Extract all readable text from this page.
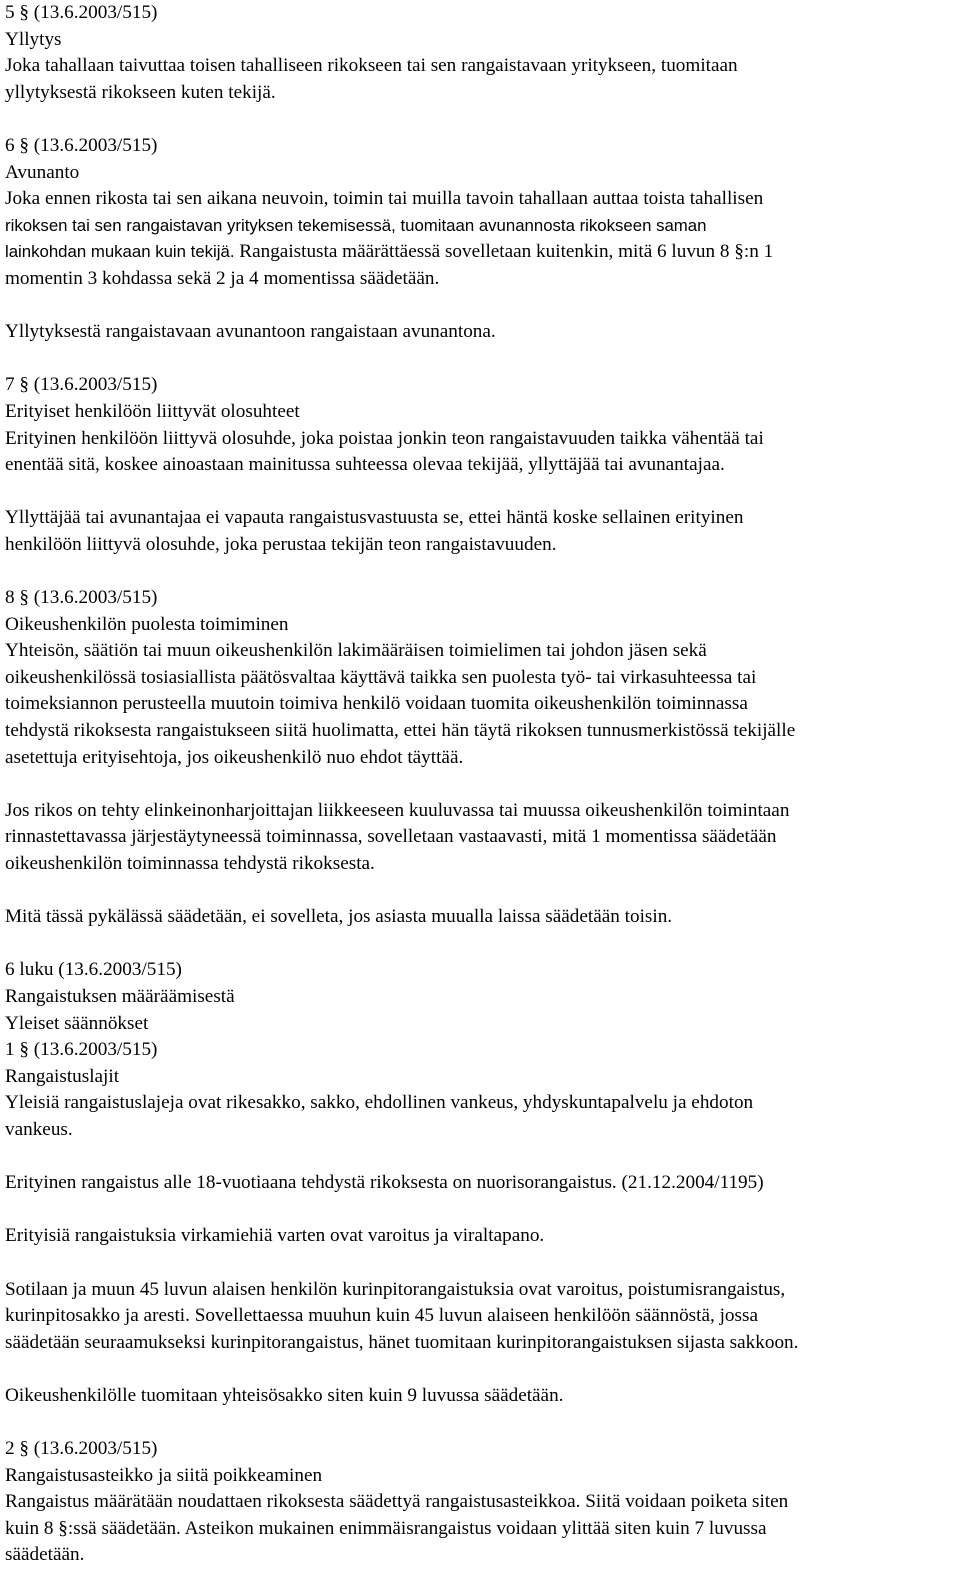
5 § (13.6.2003/515)
Yllytys
Joka tahallaan taivuttaa toisen tahalliseen rikokseen tai sen rangaistavaan yritykseen, tuomitaan
yllytyksestä rikokseen kuten tekijä.
6 § (13.6.2003/515)
Avunanto
Joka ennen rikosta tai sen aikana neuvoin, toimin tai muilla tavoin tahallaan auttaa toista tahallisen
rikoksen tai sen rangaistavan yrityksen tekemisessä, tuomitaan avunannosta rikokseen saman
lainkohdan mukaan kuin tekijä. Rangaistusta määrättäessä sovelletaan kuitenkin, mitä 6 luvun 8 §:n 1
momentin 3 kohdassa sekä 2 ja 4 momentissa säädetään.
Yllytyksestä rangaistavaan avunantoon rangaistaan avunantona.
7 § (13.6.2003/515)
Erityiset henkilöön liittyvät olosuhteet
Erityinen henkilöön liittyvä olosuhde, joka poistaa jonkin teon rangaistavuuden taikka vähentää tai
enentää sitä, koskee ainoastaan mainitussa suhteessa olevaa tekijää, yllyttäjää tai avunantajaa.
Yllyttäjää tai avunantajaa ei vapauta rangaistusvastuusta se, ettei häntä koske sellainen erityinen
henkilöön liittyvä olosuhde, joka perustaa tekijän teon rangaistavuuden.
8 § (13.6.2003/515)
Oikeushenkilön puolesta toimiminen
Yhteisön, säätiön tai muun oikeushenkilön lakimääräisen toimielimen tai johdon jäsen sekä
oikeushenkilössä tosiasiallista päätösvaltaa käyttävä taikka sen puolesta työ- tai virkasuhteessa tai
toimeksiannon perusteella muutoin toimiva henkilö voidaan tuomita oikeushenkilön toiminnassa
tehdystä rikoksesta rangaistukseen siitä huolimatta, ettei hän täytä rikoksen tunnusmerkistössä tekijälle
asetettuja erityisehtoja, jos oikeushenkilö nuo ehdot täyttää.
Jos rikos on tehty elinkeinonharjoittajan liikkeeseen kuuluvassa tai muussa oikeushenkilön toimintaan
rinnastettavassa järjestäytyneessä toiminnassa, sovelletaan vastaavasti, mitä 1 momentissa säädetään
oikeushenkilön toiminnassa tehdystä rikoksesta.
Mitä tässä pykälässä säädetään, ei sovelleta, jos asiasta muualla laissa säädetään toisin.
6 luku (13.6.2003/515)
Rangaistuksen määräämisestä
Yleiset säännökset
1 § (13.6.2003/515)
Rangaistuslajit
Yleisiä rangaistuslajeja ovat rikesakko, sakko, ehdollinen vankeus, yhdyskuntapalvelu ja ehdoton
vankeus.
Erityinen rangaistus alle 18-vuotiaana tehdystä rikoksesta on nuorisorangaistus. (21.12.2004/1195)
Erityisiä rangaistuksia virkamiehiä varten ovat varoitus ja viraltapano.
Sotilaan ja muun 45 luvun alaisen henkilön kurinpitorangaistuksia ovat varoitus, poistumisrangaistus,
kurinpitosakko ja aresti. Sovellettaessa muuhun kuin 45 luvun alaiseen henkilöön säännöstä, jossa
säädetään seuraamukseksi kurinpitorangaistus, hänet tuomitaan kurinpitorangaistuksen sijasta sakkoon.
Oikeushenkilölle tuomitaan yhteisösakko siten kuin 9 luvussa säädetään.
2 § (13.6.2003/515)
Rangaistusasteikko ja siitä poikkeaminen
Rangaistus määrätään noudattaen rikoksesta säädettyä rangaistusasteikkoa. Siitä voidaan poiketa siten
kuin 8 §:ssä säädetään. Asteikon mukainen enimmäisrangaistus voidaan ylittää siten kuin 7 luvussa
säädetään.
